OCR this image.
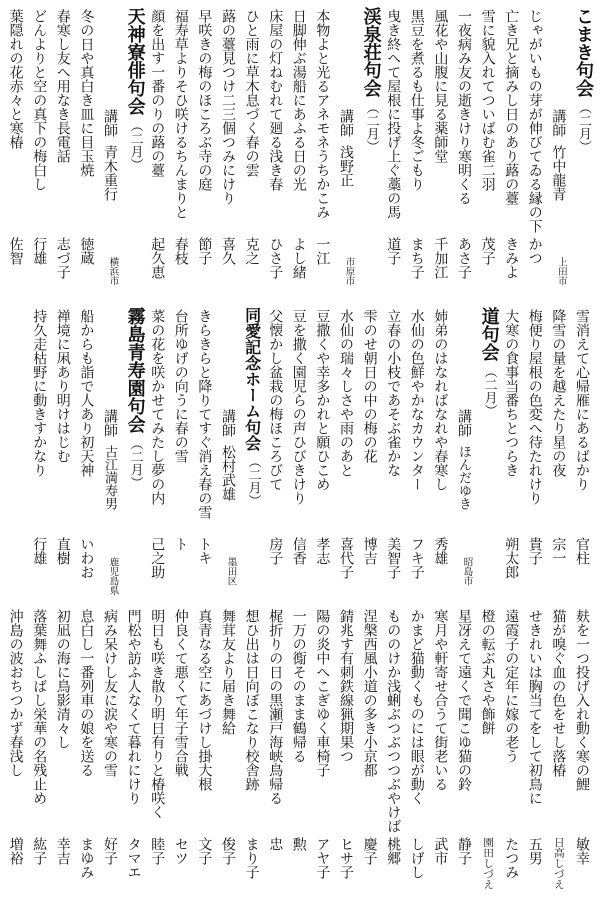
こまき句会
（二月）
講師
竹中龍青
上田市
じゃがいもの芽が伸びてゐる縁の下
かつ
亡き兄と摘みし日のあり蕗の薹
きみよ
雪に貌入れてついばむ雀二羽
茂子
一夜病み友の逝きけり寒明くる
あさ子
風花や山腹に見る薬師堂
千加江
黒豆を煮るも仕事よ冬ごもり
まち子
曳き終へて屋根に投げ上ぐ藁の馬
道子
渓泉荘句会
（二月）
講師
浅野正
市原市
本物よと光るアネモネうちかこみ
一江
日脚伸ぶ湯船にあふる日の光
よし緒
床屋の灯ねむれて廻る浅き春
ひさ子
ひと雨に草木息づく春の雲
克之
蕗の薹見つけ二三個つみにけり
喜久
早咲きの梅のほころぶ寺の庭
節子
福寿草よりそひ咲けるちんまりと
春枝
顔を出す一番のりの蕗の薹
起久恵
天神寮俳句会
（二月）
講師
青木重行
横浜市
冬の日や真白き皿に目玉焼
徳蔵
春寒し友へ用なき長電話
志づ子
どんよりと空の真下の梅白し
行雄
葉隠れの花赤々と寒椿
佐智
雪消えて心帰雁にあるばかり
官柱
降雪の量を越えたり星の夜
宗一
梅便り屋根の色変へ待たれけり
貴子
大寒の食事当番ちとつらき
朔太郎
道句会
（二月）
講師
ほんだゆき
昭島市
姉弟のはなればなれや春寒し
秀雄
水仙の色鮮やかなカウンター
フキ子
立春の小枝であそぶ雀かな
美智子
雫のせ朝日の中の梅の花
博吉
水仙の瑞々しさや雨のあと
喜代子
豆撒くや幸多かれと願ひこめ
孝志
豆を撒く園児らの声ひびきけり
信香
父懐かし盆栽の梅ほころびて
房子
同愛記念ホーム句会
（二月）
講師
松村武雄
墨田区
きらきらと降りてすぐ消え春の雪
トキ
台所ゆげの向うに春の雪
ト
菜の花を咲かせてみたし夢の内
己之助
霧島青寿園句会
（二月）
講師
古江満寿男
鹿児島県
船からも詣で人あり初天神
いわお
禅境に凩あり明けはじむ
直樹
持久走枯野に動きすかなり
行雄
麸を一つ投げ入れ動く寒の鯉
敏幸
猫が嗅ぐ血の色をせし落椿
日高しづえ
せきれいは胸当てをして初鳥に
五男
遠霞子の定年に嫁の老う
たつみ
橙の転ぶ丸さや飾餅
園田しづえ
星冴えて遠くで聞こゆ猫の鈴
静子
寒月や軒寄せ合うて街老いる
武市
かまど猫動くものには眼が動く
しげし
もののけか浅蜊ぶつぶつつぶやけば
桃郷
涅槃西風小道の多き小京都
慶子
錆兆す有刺鉄線猟期果つ
ヒサ子
陽の炎中へこぎゆく車椅子
アヤ子
一万の鵆そのまま鶴帰る
勲
梶折りの日の黒瀬戸海峡鳥帰る
忠
想ひ出は日向ぼこなり校舎跡
まり子
舞茸友より届き舞給
俊子
真青なる空にあづけし掛大根
文子
仲良くて悪くて年子雪合戦
セツ
明日も咲き散り明日有りと椿咲く
睦子
門松や訪ふ人なくて暮れにけり
タマエ
病み呆けし友に涙や寒の雪
好子
息白し一番列車の娘を送る
まゆみ
初凪の海に鳥影清々し
幸吉
落葉舞ふしばし栄華の名残止め
紘子
沖島の波おちつかず春浅し
増裕
